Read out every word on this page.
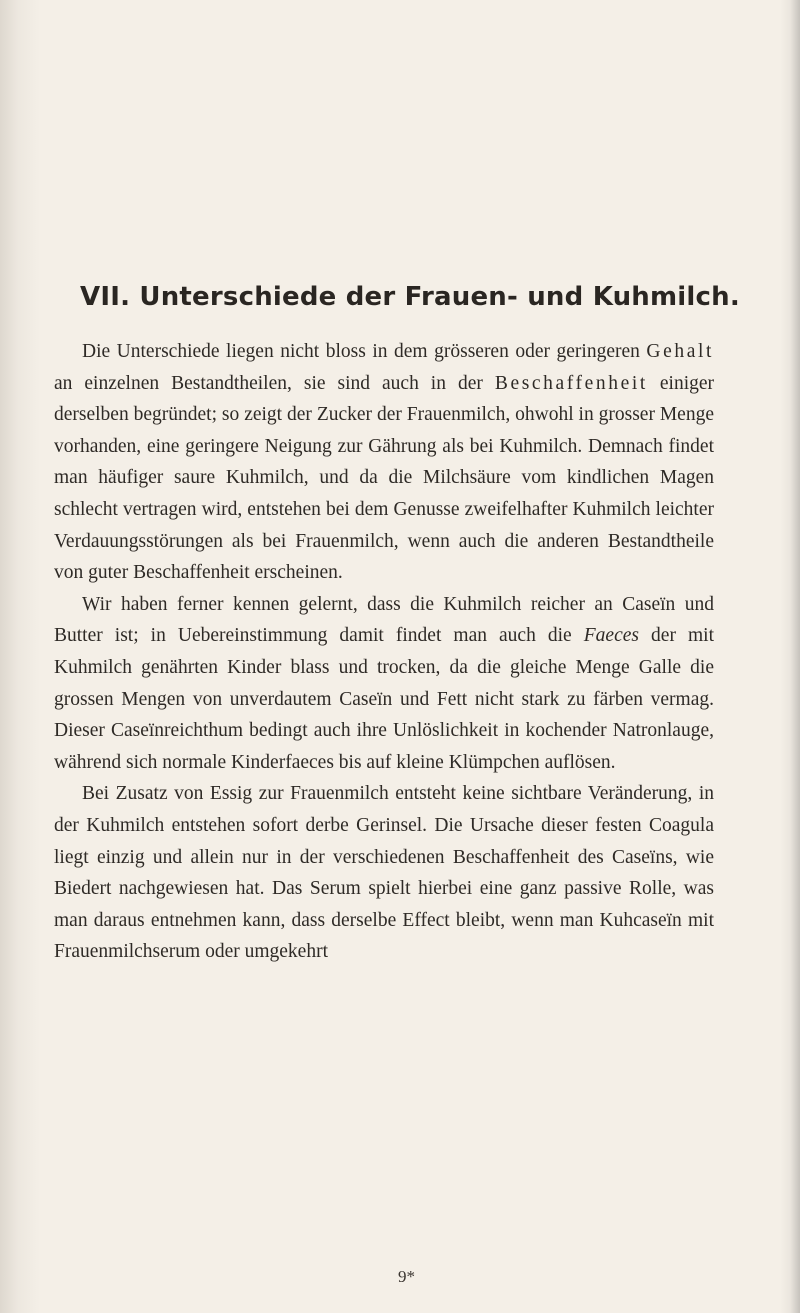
VII. Unterschiede der Frauen- und Kuhmilch.

Die Unterschiede liegen nicht bloss in dem grösseren oder geringeren Gehalt an einzelnen Bestandtheilen, sie sind auch in der Beschaffenheit einiger derselben begründet; so zeigt der Zucker der Frauenmilch, ohwohl in grosser Menge vorhanden, eine geringere Neigung zur Gährung als bei Kuhmilch. Demnach findet man häufiger saure Kuhmilch, und da die Milchsäure vom kindlichen Magen schlecht vertragen wird, entstehen bei dem Genusse zweifelhafter Kuhmilch leichter Verdauungsstörungen als bei Frauenmilch, wenn auch die anderen Bestandtheile von guter Beschaffenheit erscheinen.

Wir haben ferner kennen gelernt, dass die Kuhmilch reicher an Caseïn und Butter ist; in Uebereinstimmung damit findet man auch die Faeces der mit Kuhmilch genährten Kinder blass und trocken, da die gleiche Menge Galle die grossen Mengen von unverdautem Caseïn und Fett nicht stark zu färben vermag. Dieser Caseïnreichthum bedingt auch ihre Unlöslichkeit in kochender Natronlauge, während sich normale Kinderfaeces bis auf kleine Klümpchen auflösen.

Bei Zusatz von Essig zur Frauenmilch entsteht keine sichtbare Veränderung, in der Kuhmilch entstehen sofort derbe Gerinsel. Die Ursache dieser festen Coagula liegt einzig und allein nur in der verschiedenen Beschaffenheit des Caseïns, wie Biedert nachgewiesen hat. Das Serum spielt hierbei eine ganz passive Rolle, was man daraus entnehmen kann, dass derselbe Effect bleibt, wenn man Kuhcaseïn mit Frauenmilchserum oder umgekehrt

9*
